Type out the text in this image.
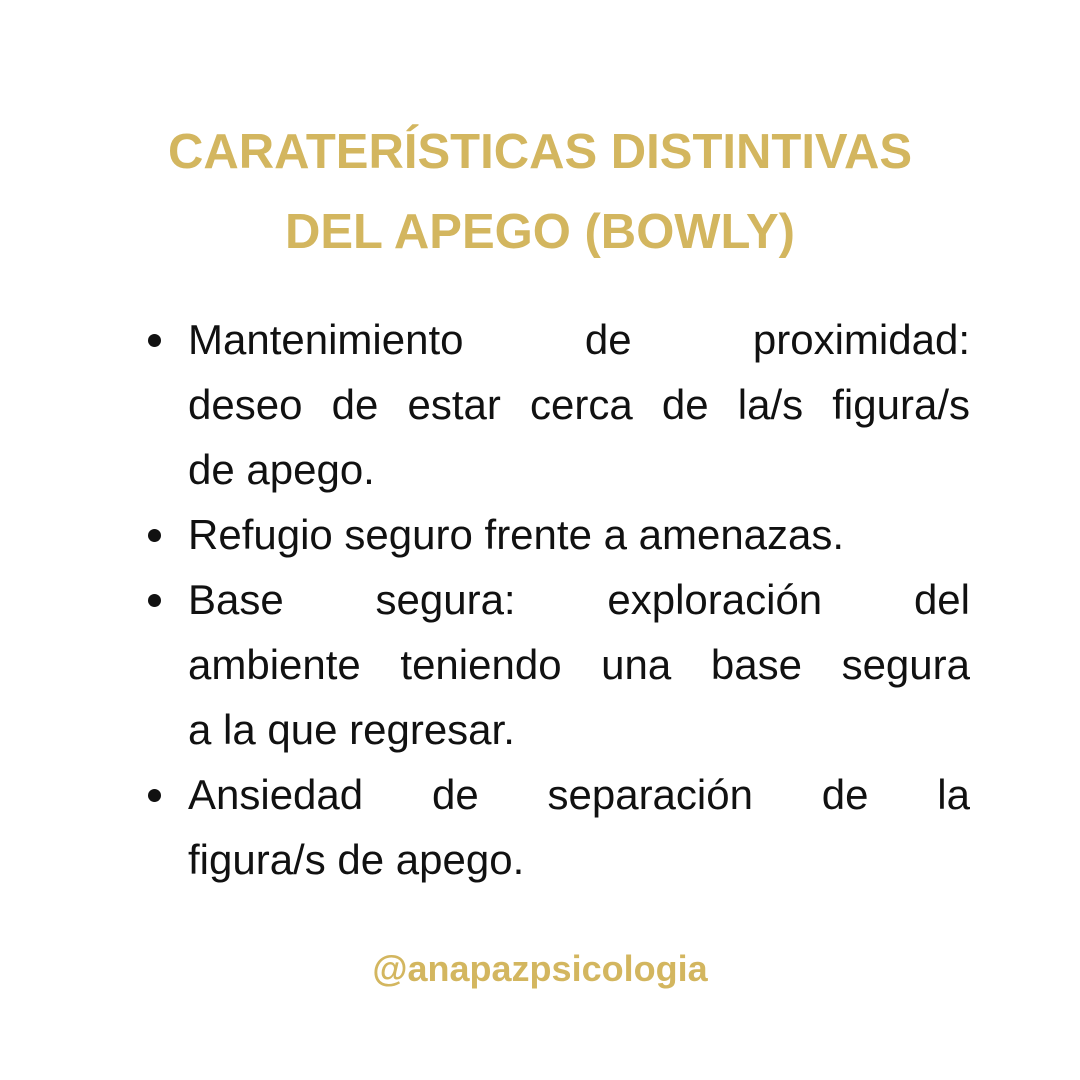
CARATERÍSTICAS DISTINTIVAS
DEL APEGO (BOWLY)
Mantenimiento de proximidad:
deseo de estar cerca de la/s figura/s
de apego.
Refugio seguro frente a amenazas.
Base segura: exploración del
ambiente teniendo una base segura
a la que regresar.
Ansiedad de separación de la
figura/s de apego.
@anapazpsicologia
